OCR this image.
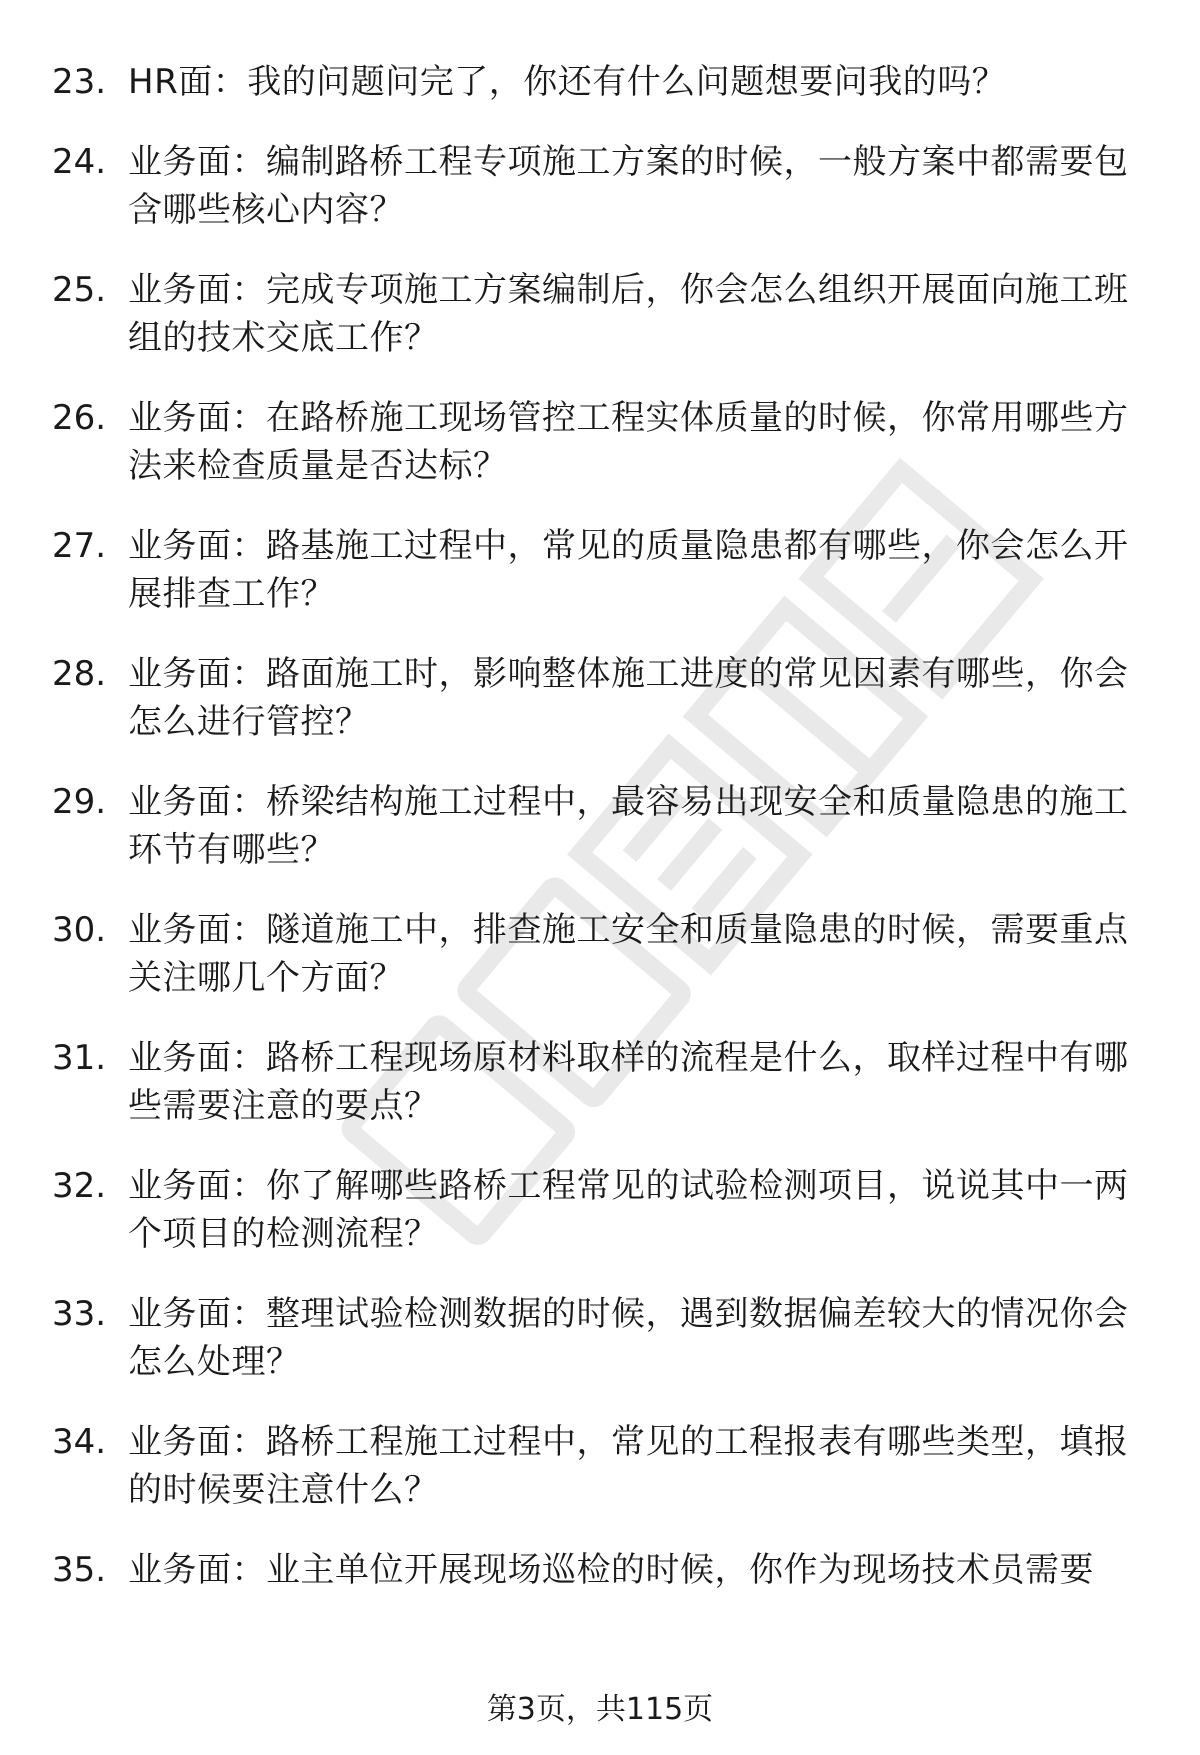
23. HR面：我的问题问完了，你还有什么问题想要问我的吗？
24. 业务面：编制路桥工程专项施工方案的时候，一般方案中都需要包含哪些核心内容？
25. 业务面：完成专项施工方案编制后，你会怎么组织开展面向施工班组的技术交底工作？
26. 业务面：在路桥施工现场管控工程实体质量的时候，你常用哪些方法来检查质量是否达标？
27. 业务面：路基施工过程中，常见的质量隐患都有哪些，你会怎么开展排查工作？
28. 业务面：路面施工时，影响整体施工进度的常见因素有哪些，你会怎么进行管控？
29. 业务面：桥梁结构施工过程中，最容易出现安全和质量隐患的施工环节有哪些？
30. 业务面：隧道施工中，排查施工安全和质量隐患的时候，需要重点关注哪几个方面？
31. 业务面：路桥工程现场原材料取样的流程是什么，取样过程中有哪些需要注意的要点？
32. 业务面：你了解哪些路桥工程常见的试验检测项目，说说其中一两个项目的检测流程？
33. 业务面：整理试验检测数据的时候，遇到数据偏差较大的情况你会怎么处理？
34. 业务面：路桥工程施工过程中，常见的工程报表有哪些类型，填报的时候要注意什么？
35. 业务面：业主单位开展现场巡检的时候，你作为现场技术员需要
第3页，共115页
